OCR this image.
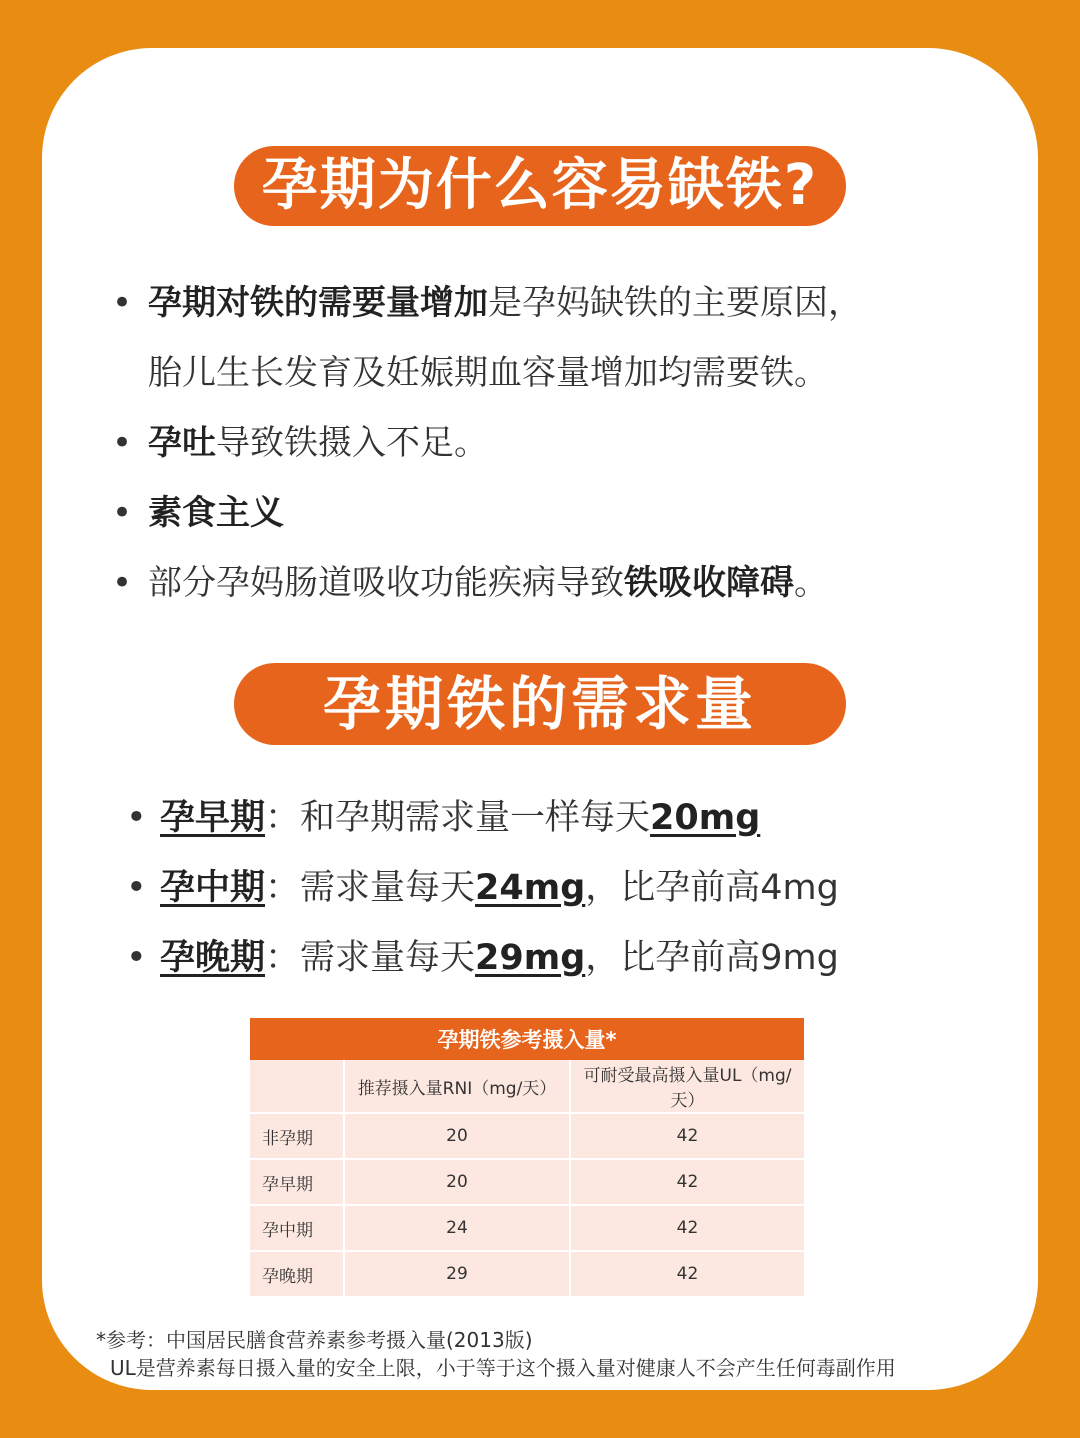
孕期为什么容易缺铁?
• 孕期对铁的需要量增加是孕妈缺铁的主要原因，
胎儿生长发育及妊娠期血容量增加均需要铁。
• 孕吐导致铁摄入不足。
• 素食主义
• 部分孕妈肠道吸收功能疾病导致铁吸收障碍。
孕期铁的需求量
• 孕早期：和孕期需求量一样每天20mg
• 孕中期：需求量每天24mg，比孕前高4mg
• 孕晚期：需求量每天29mg，比孕前高9mg
孕期铁参考摄入量*		
	推荐摄入量RNI（mg/天）	可耐受最高摄入量UL（mg/天）
非孕期	20	42
孕早期	20	42
孕中期	24	42
孕晚期	29	42
*参考：中国居民膳食营养素参考摄入量(2013版)
UL是营养素每日摄入量的安全上限，小于等于这个摄入量对健康人不会产生任何毒副作用
